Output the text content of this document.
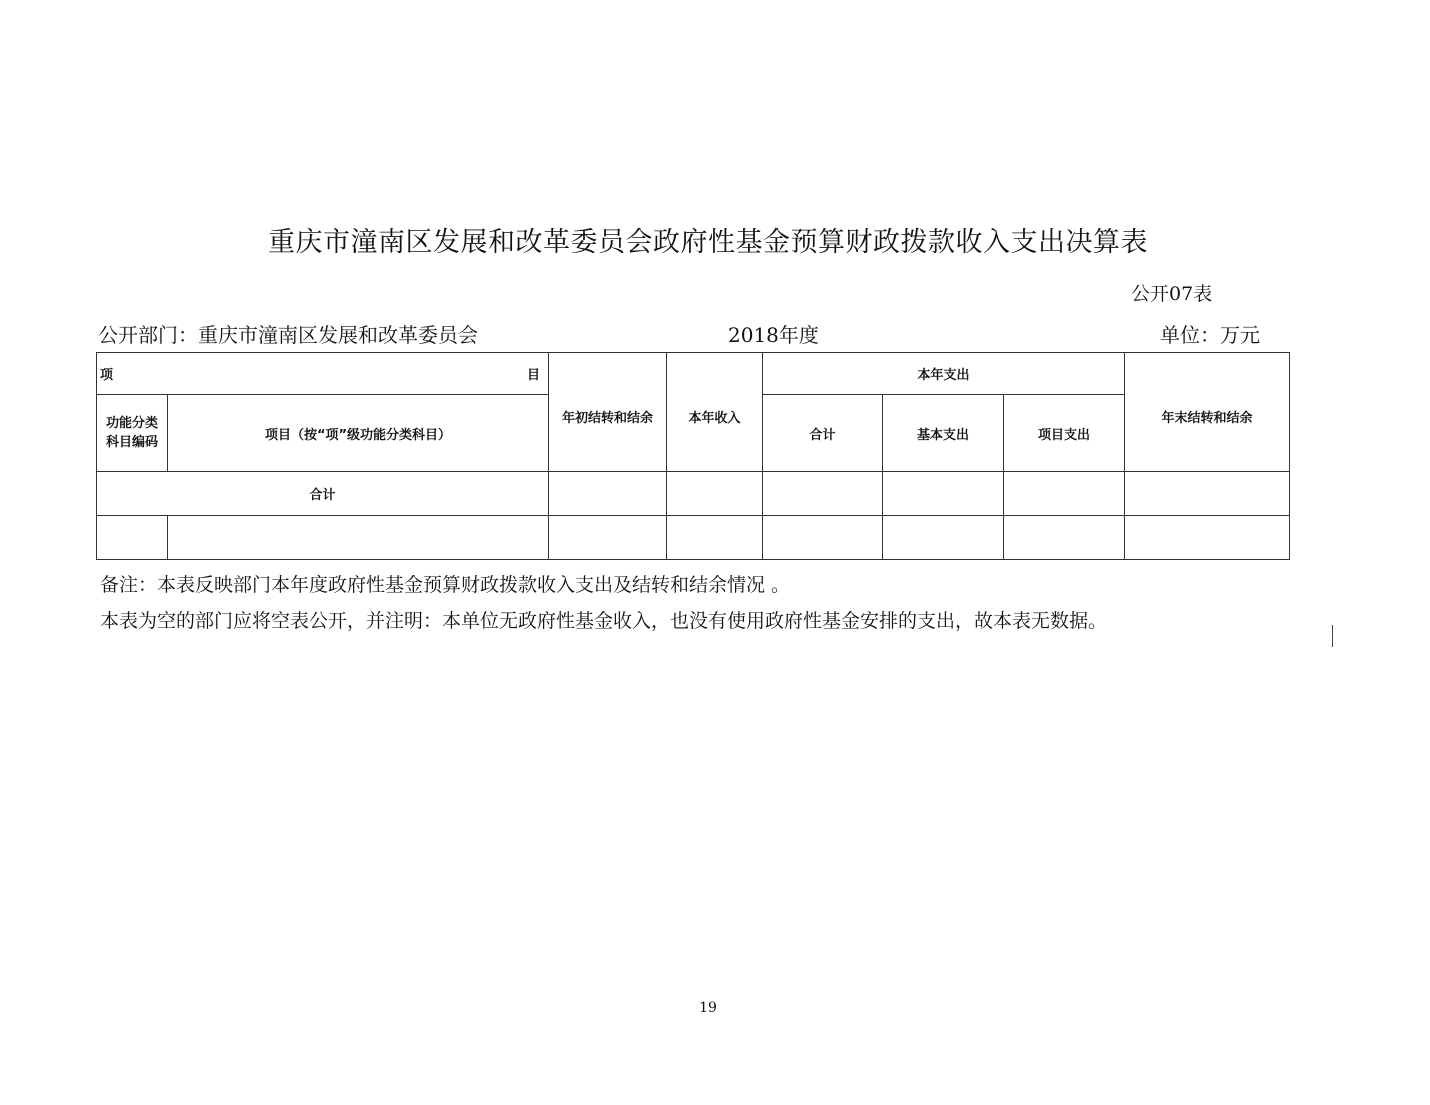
重庆市潼南区发展和改革委员会政府性基金预算财政拨款收入支出决算表
公开07表
公开部门：重庆市潼南区发展和改革委员会	2018年度	单位：万元
项 目		年初结转和结余	本年收入	本年支出			年末结转和结余
功能分类科目编码	项目（按“项”级功能分类科目）			合计	基本支出	项目支出	
合计							

备注：本表反映部门本年度政府性基金预算财政拨款收入支出及结转和结余情况 。
本表为空的部门应将空表公开，并注明：本单位无政府性基金收入，也没有使用政府性基金安排的支出，故本表无数据。
19
